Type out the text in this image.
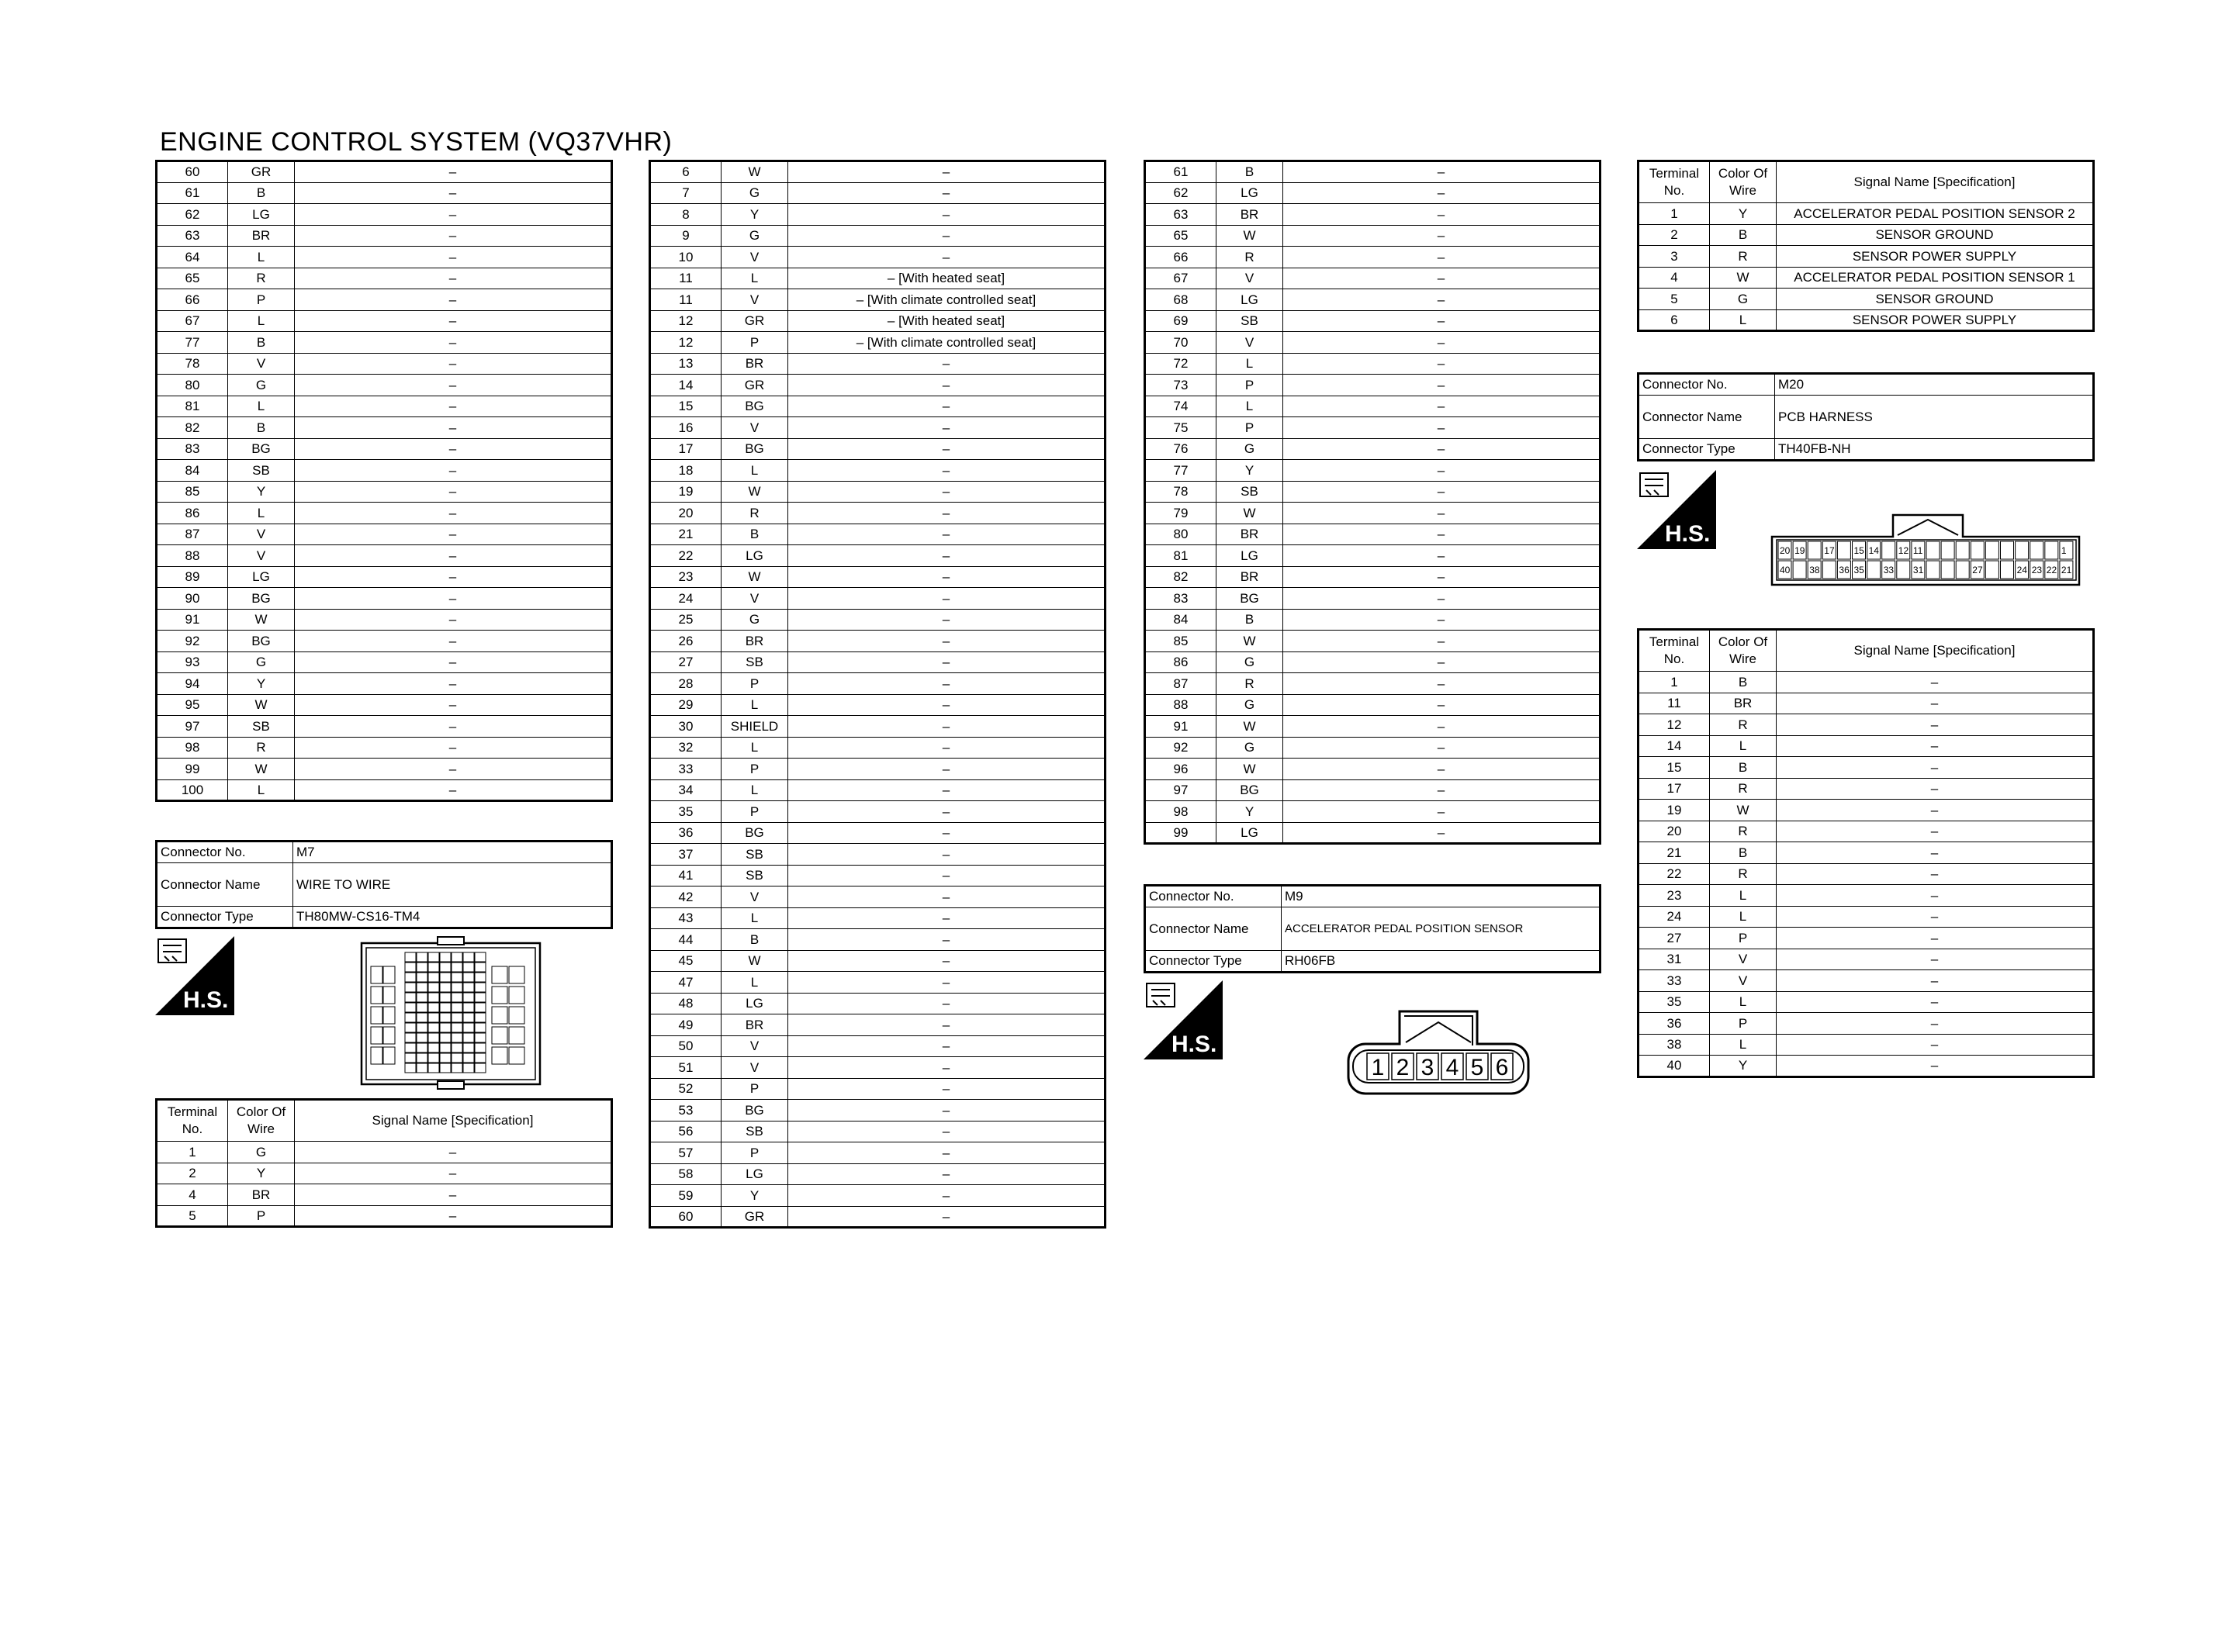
ENGINE CONTROL SYSTEM (VQ37VHR)
60	GR	–
61	B	–
62	LG	–
63	BR	–
64	L	–
65	R	–
66	P	–
67	L	–
77	B	–
78	V	–
80	G	–
81	L	–
82	B	–
83	BG	–
84	SB	–
85	Y	–
86	L	–
87	V	–
88	V	–
89	LG	–
90	BG	–
91	W	–
92	BG	–
93	G	–
94	Y	–
95	W	–
97	SB	–
98	R	–
99	W	–
100	L	–
Connector No.	M7
Connector Name	WIRE TO WIRE
Connector Type	TH80MW-CS16-TM4
H.S.
Terminal No.	Color Of Wire	Signal Name [Specification]
1	G	–
2	Y	–
4	BR	–
5	P	–
6	W	–
7	G	–
8	Y	–
9	G	–
10	V	–
11	L	– [With heated seat]
11	V	– [With climate controlled seat]
12	GR	– [With heated seat]
12	P	– [With climate controlled seat]
13	BR	–
14	GR	–
15	BG	–
16	V	–
17	BG	–
18	L	–
19	W	–
20	R	–
21	B	–
22	LG	–
23	W	–
24	V	–
25	G	–
26	BR	–
27	SB	–
28	P	–
29	L	–
30	SHIELD	–
32	L	–
33	P	–
34	L	–
35	P	–
36	BG	–
37	SB	–
41	SB	–
42	V	–
43	L	–
44	B	–
45	W	–
47	L	–
48	LG	–
49	BR	–
50	V	–
51	V	–
52	P	–
53	BG	–
56	SB	–
57	P	–
58	LG	–
59	Y	–
60	GR	–
61	B	–
62	LG	–
63	BR	–
65	W	–
66	R	–
67	V	–
68	LG	–
69	SB	–
70	V	–
72	L	–
73	P	–
74	L	–
75	P	–
76	G	–
77	Y	–
78	SB	–
79	W	–
80	BR	–
81	LG	–
82	BR	–
83	BG	–
84	B	–
85	W	–
86	G	–
87	R	–
88	G	–
91	W	–
92	G	–
96	W	–
97	BG	–
98	Y	–
99	LG	–
Connector No.	M9
Connector Name	ACCELERATOR PEDAL POSITION SENSOR
Connector Type	RH06FB
H.S.
1 2 3 4 5 6
Terminal No.	Color Of Wire	Signal Name [Specification]
1	Y	ACCELERATOR PEDAL POSITION SENSOR 2
2	B	SENSOR GROUND
3	R	SENSOR POWER SUPPLY
4	W	ACCELERATOR PEDAL POSITION SENSOR 1
5	G	SENSOR GROUND
6	L	SENSOR POWER SUPPLY
Connector No.	M20
Connector Name	PCB HARNESS
Connector Type	TH40FB-NH
H.S.
20 19 17 15 14 12 11	1
40 38 36 35 33 31	27	24 23 22 21
Terminal No.	Color Of Wire	Signal Name [Specification]
1	B	–
11	BR	–
12	R	–
14	L	–
15	B	–
17	R	–
19	W	–
20	R	–
21	B	–
22	R	–
23	L	–
24	L	–
27	P	–
31	V	–
33	V	–
35	L	–
36	P	–
38	L	–
40	Y	–
